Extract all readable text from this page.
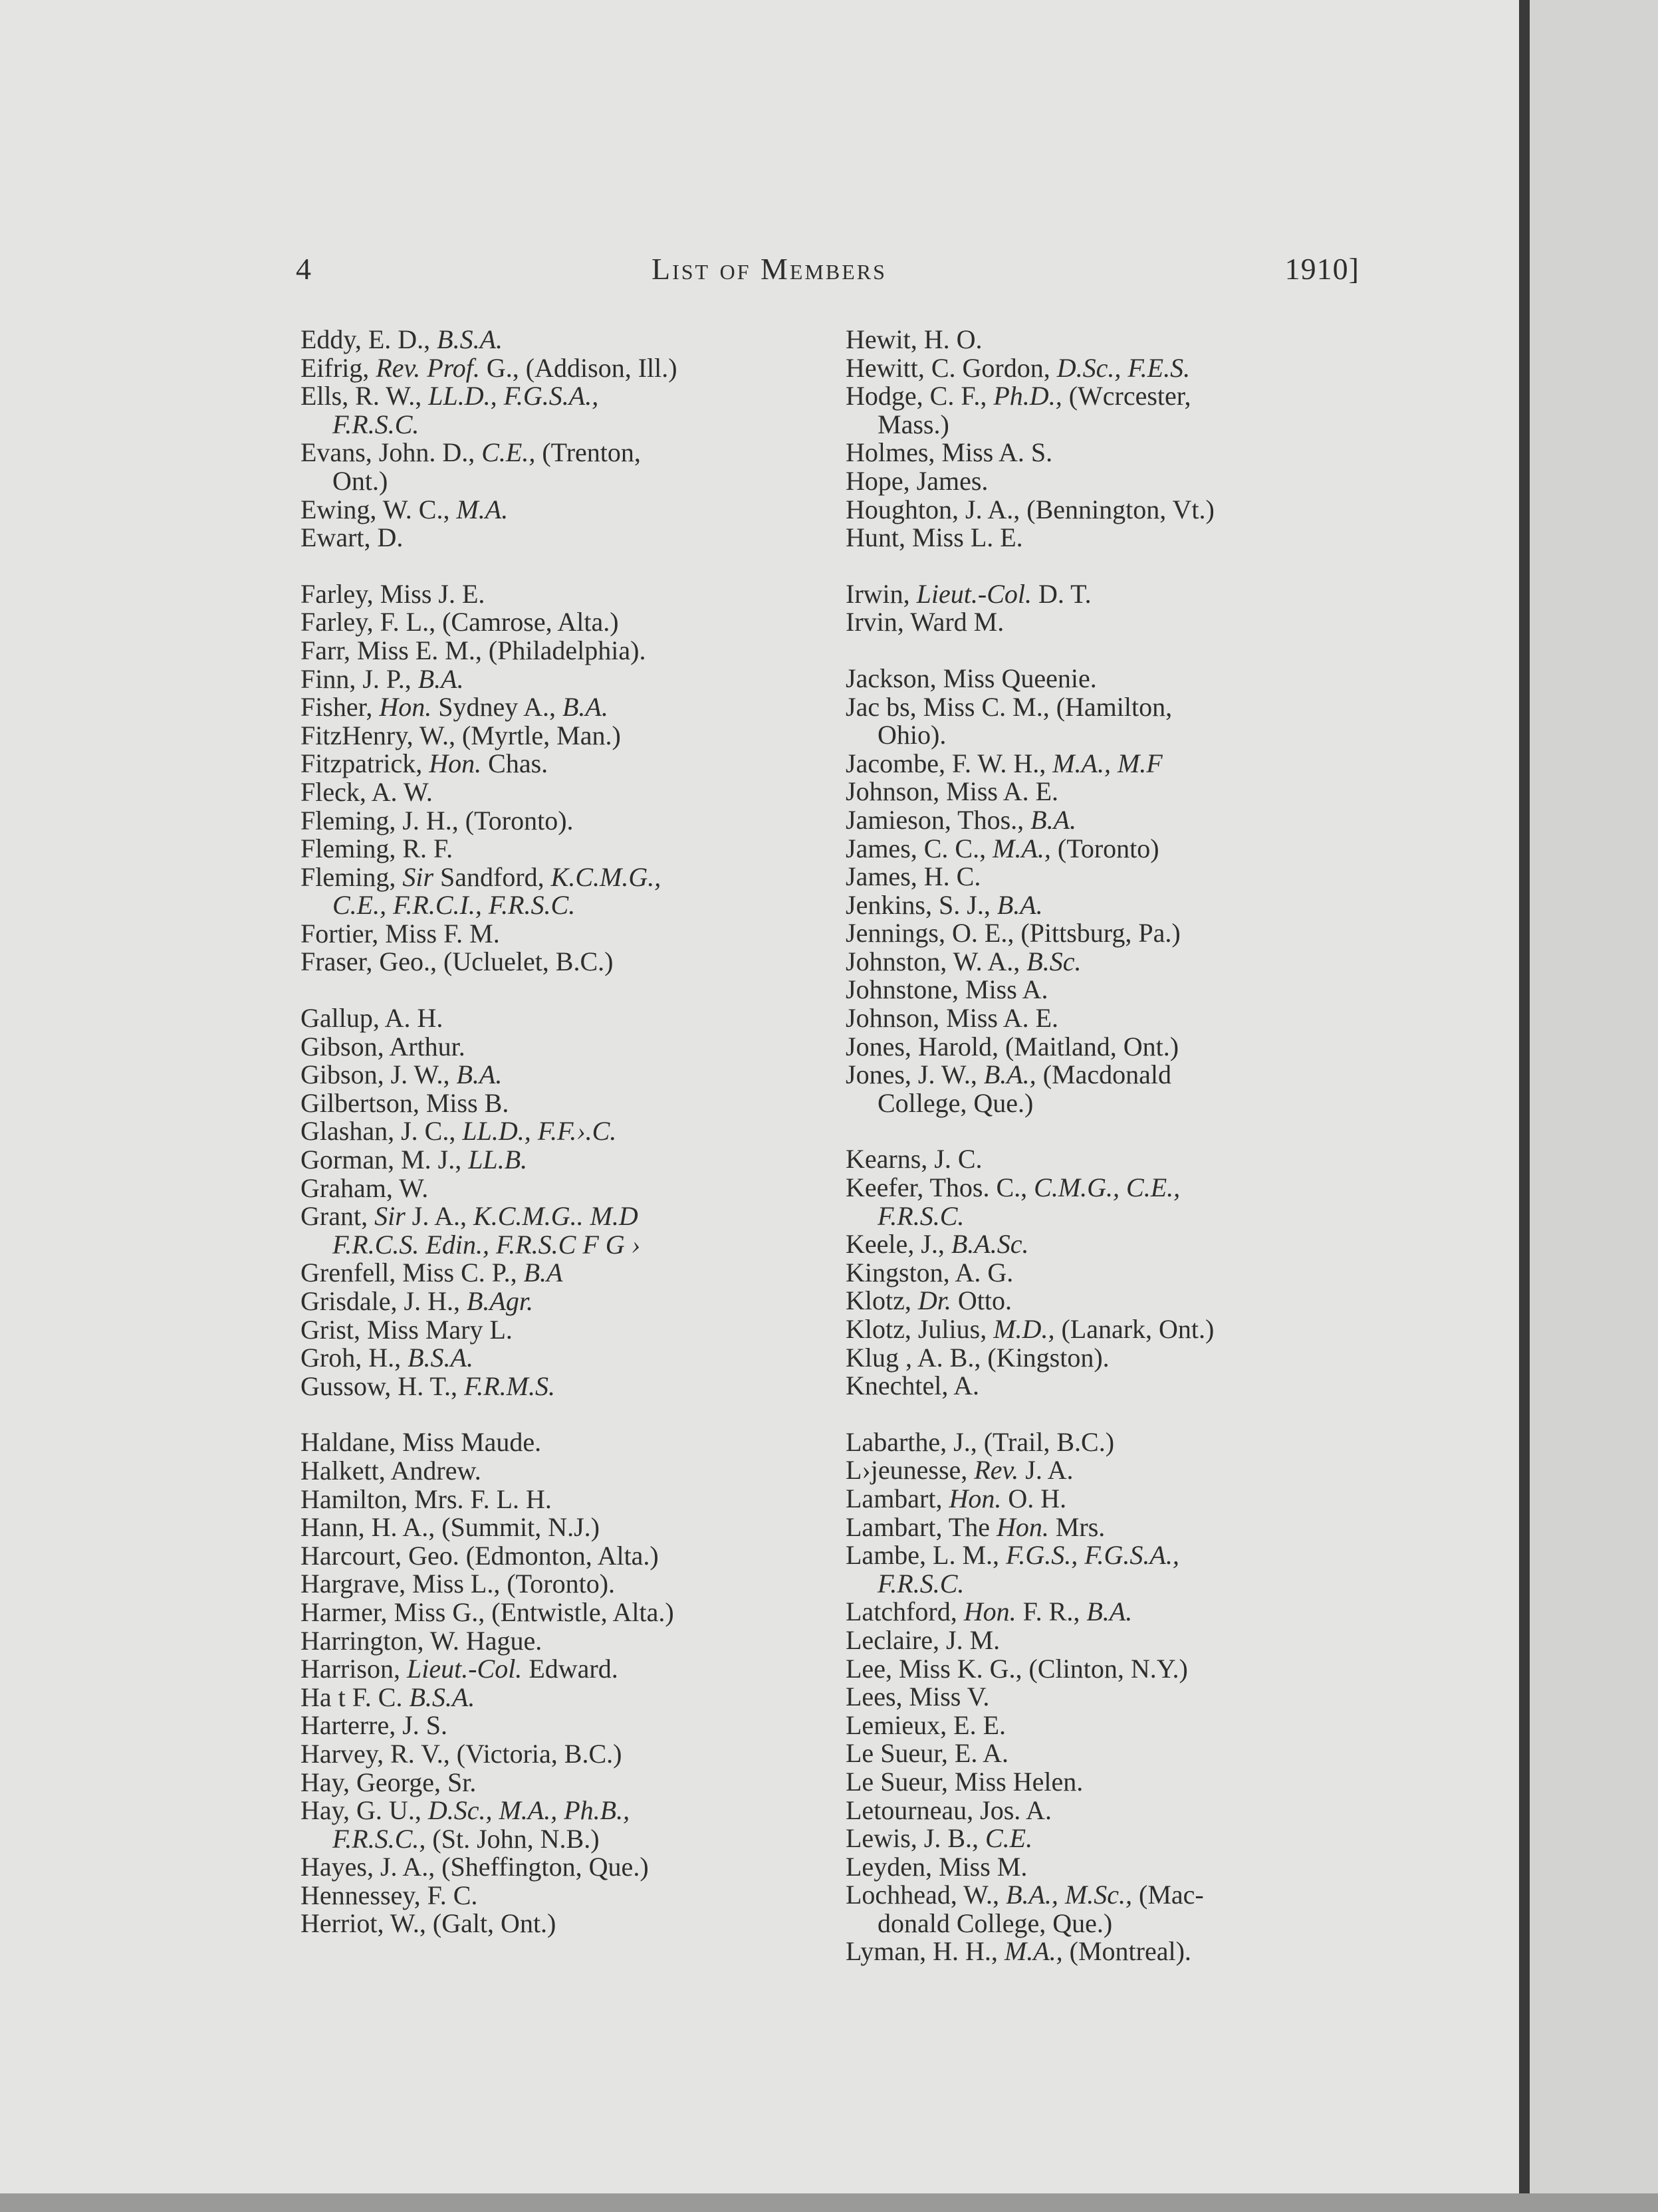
4	List of Members	1910]
Eddy, E. D., B.S.A.
Eifrig, Rev. Prof. G., (Addison, Ill.)
Ells, R. W., LL.D., F.G.S.A.,
F.R.S.C.
Evans, John. D., C.E., (Trenton,
Ont.)
Ewing, W. C., M.A.
Ewart, D.
Farley, Miss J. E.
Farley, F. L., (Camrose, Alta.)
Farr, Miss E. M., (Philadelphia).
Finn, J. P., B.A.
Fisher, Hon. Sydney A., B.A.
FitzHenry, W., (Myrtle, Man.)
Fitzpatrick, Hon. Chas.
Fleck, A. W.
Fleming, J. H., (Toronto).
Fleming, R. F.
Fleming, Sir Sandford, K.C.M.G.,
C.E., F.R.C.I., F.R.S.C.
Fortier, Miss F. M.
Fraser, Geo., (Ucluelet, B.C.)
Gallup, A. H.
Gibson, Arthur.
Gibson, J. W., B.A.
Gilbertson, Miss B.
Glashan, J. C., LL.D., F.F.›.C.
Gorman, M. J., LL.B.
Graham, W.
Grant, Sir J. A., K.C.M.G.. M.D
F.R.C.S. Edin., F.R.S.C F G ›
Grenfell, Miss C. P., B.A
Grisdale, J. H., B.Agr.
Grist, Miss Mary L.
Groh, H., B.S.A.
Gussow, H. T., F.R.M.S.
Haldane, Miss Maude.
Halkett, Andrew.
Hamilton, Mrs. F. L. H.
Hann, H. A., (Summit, N.J.)
Harcourt, Geo. (Edmonton, Alta.)
Hargrave, Miss L., (Toronto).
Harmer, Miss G., (Entwistle, Alta.)
Harrington, W. Hague.
Harrison, Lieut.-Col. Edward.
Ha t F. C. B.S.A.
Harterre, J. S.
Harvey, R. V., (Victoria, B.C.)
Hay, George, Sr.
Hay, G. U., D.Sc., M.A., Ph.B.,
F.R.S.C., (St. John, N.B.)
Hayes, J. A., (Sheffington, Que.)
Hennessey, F. C.
Herriot, W., (Galt, Ont.)
Hewit, H. O.
Hewitt, C. Gordon, D.Sc., F.E.S.
Hodge, C. F., Ph.D., (Wcrcester,
Mass.)
Holmes, Miss A. S.
Hope, James.
Houghton, J. A., (Bennington, Vt.)
Hunt, Miss L. E.
Irwin, Lieut.-Col. D. T.
Irvin, Ward M.
Jackson, Miss Queenie.
Jac bs, Miss C. M., (Hamilton,
Ohio).
Jacombe, F. W. H., M.A., M.F
Johnson, Miss A. E.
Jamieson, Thos., B.A.
James, C. C., M.A., (Toronto)
James, H. C.
Jenkins, S. J., B.A.
Jennings, O. E., (Pittsburg, Pa.)
Johnston, W. A., B.Sc.
Johnstone, Miss A.
Johnson, Miss A. E.
Jones, Harold, (Maitland, Ont.)
Jones, J. W., B.A., (Macdonald
College, Que.)
Kearns, J. C.
Keefer, Thos. C., C.M.G., C.E.,
F.R.S.C.
Keele, J., B.A.Sc.
Kingston, A. G.
Klotz, Dr. Otto.
Klotz, Julius, M.D., (Lanark, Ont.)
Klug , A. B., (Kingston).
Knechtel, A.
Labarthe, J., (Trail, B.C.)
L›jeunesse, Rev. J. A.
Lambart, Hon. O. H.
Lambart, The Hon. Mrs.
Lambe, L. M., F.G.S., F.G.S.A.,
F.R.S.C.
Latchford, Hon. F. R., B.A.
Leclaire, J. M.
Lee, Miss K. G., (Clinton, N.Y.)
Lees, Miss V.
Lemieux, E. E.
Le Sueur, E. A.
Le Sueur, Miss Helen.
Letourneau, Jos. A.
Lewis, J. B., C.E.
Leyden, Miss M.
Lochhead, W., B.A., M.Sc., (Mac-
donald College, Que.)
Lyman, H. H., M.A., (Montreal).
